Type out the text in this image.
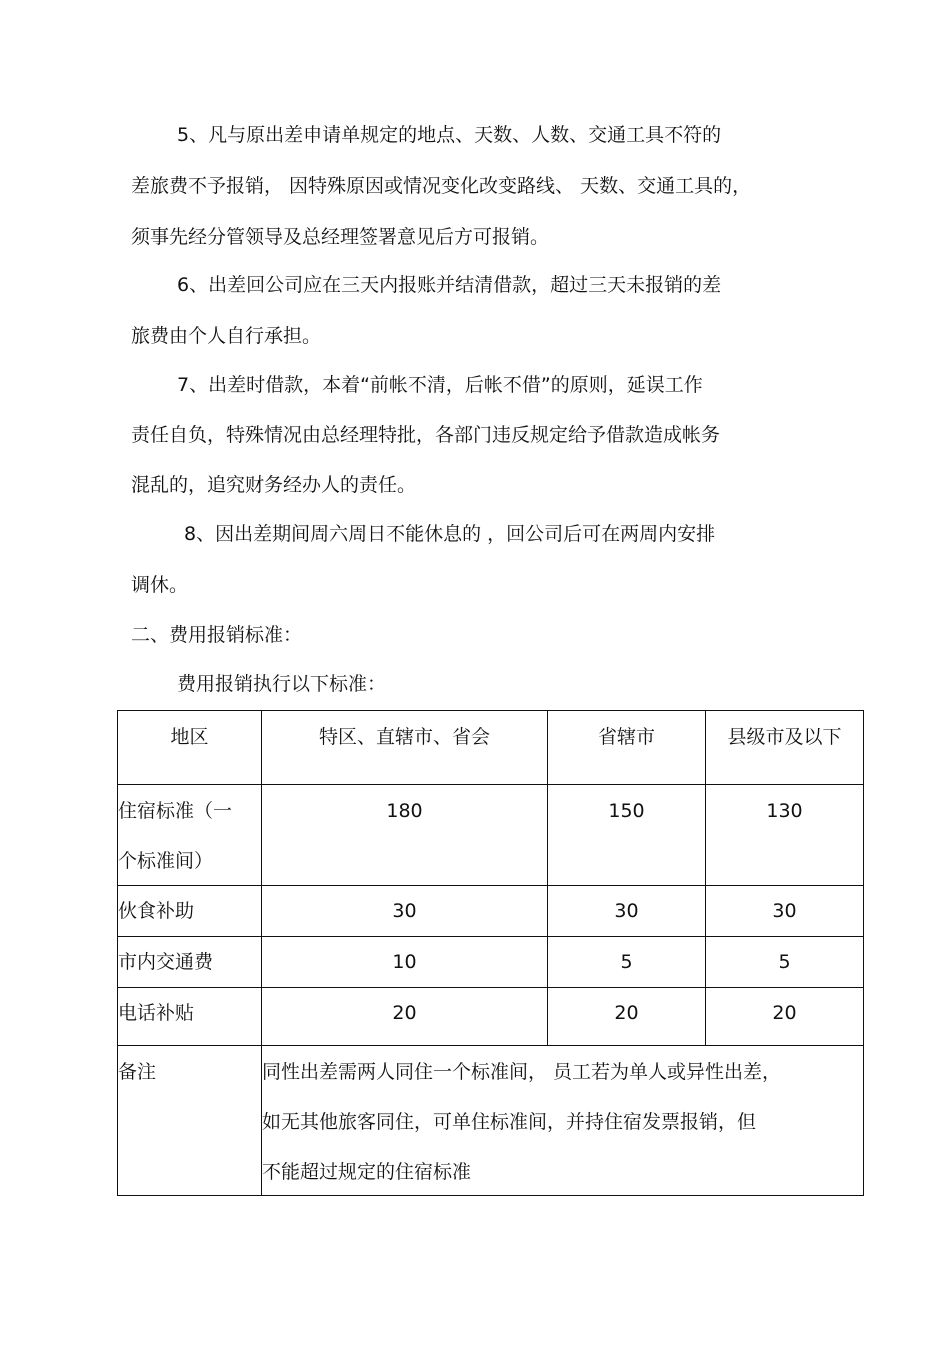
5、凡与原出差申请单规定的地点、天数、人数、交通工具不符的
差旅费不予报销， 因特殊原因或情况变化改变路线、 天数、交通工具的，
须事先经分管领导及总经理签署意见后方可报销。
6、出差回公司应在三天内报账并结清借款，超过三天未报销的差
旅费由个人自行承担。
7、出差时借款，本着“前帐不清，后帐不借”的原则，延误工作
责任自负，特殊情况由总经理特批，各部门违反规定给予借款造成帐务
混乱的，追究财务经办人的责任。
8、因出差期间周六周日不能休息的 ，回公司后可在两周内安排
调休。
二、费用报销标准：
费用报销执行以下标准：
地区	特区、直辖市、省会	省辖市	县级市及以下

住宿标准（一
个标准间）	180	150	130

伙食补助	30	30	30

市内交通费	10	5	5

电话补贴	20	20	20

备注	同性出差需两人同住一个标准间， 员工若为单人或异性出差，
如无其他旅客同住，可单住标准间，并持住宿发票报销，但
不能超过规定的住宿标准		
